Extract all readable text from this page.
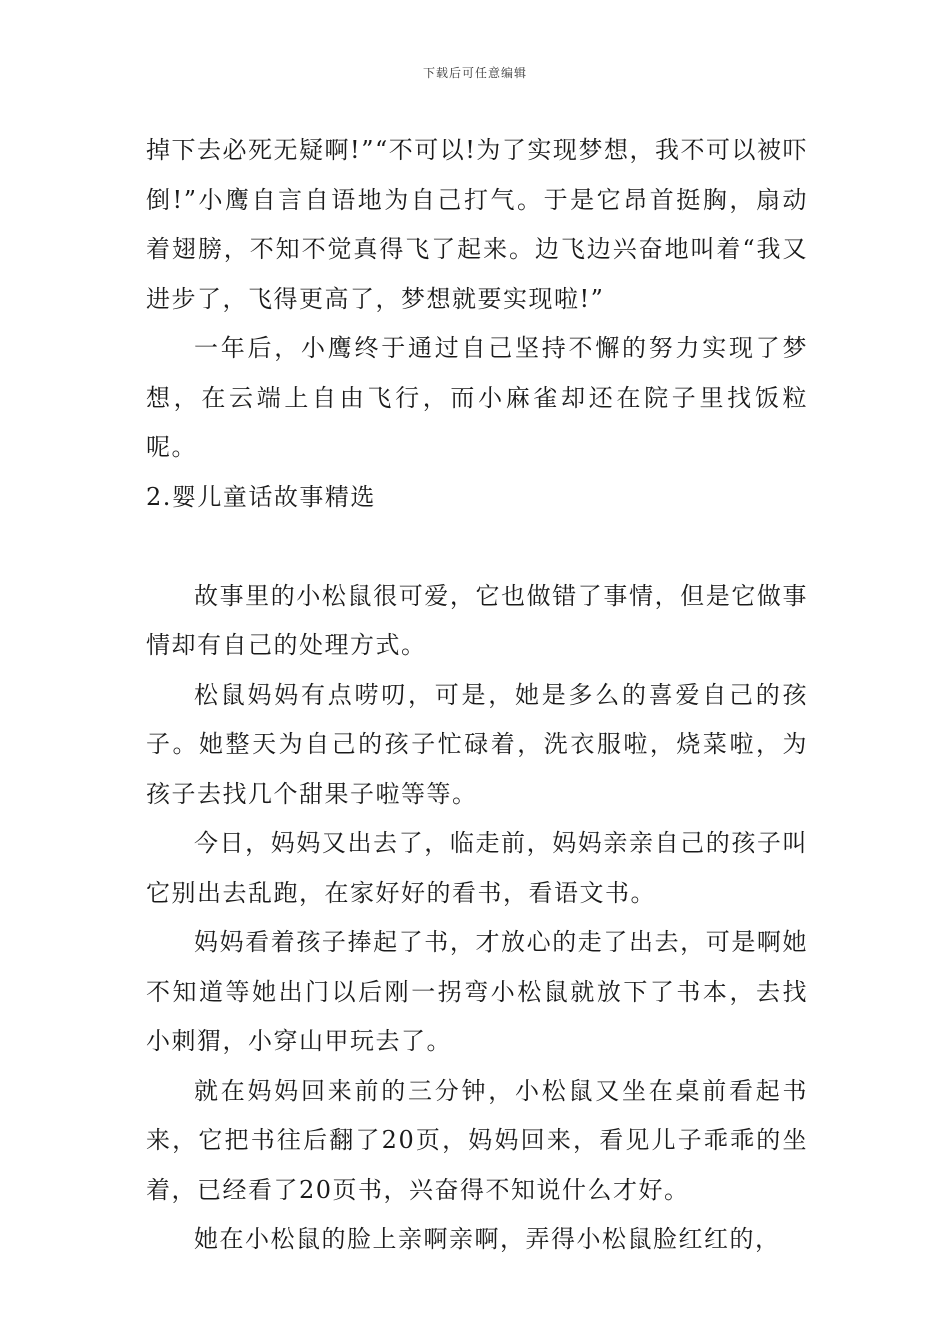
下载后可任意编辑

掉下去必死无疑啊!”“不可以!为了实现梦想，我不可以被吓倒!”小鹰自言自语地为自己打气。于是它昂首挺胸，扇动着翅膀，不知不觉真得飞了起来。边飞边兴奋地叫着“我又进步了，飞得更高了，梦想就要实现啦!”

一年后，小鹰终于通过自己坚持不懈的努力实现了梦想，在云端上自由飞行，而小麻雀却还在院子里找饭粒呢。

2.婴儿童话故事精选

故事里的小松鼠很可爱，它也做错了事情，但是它做事情却有自己的处理方式。

松鼠妈妈有点唠叨，可是，她是多么的喜爱自己的孩子。她整天为自己的孩子忙碌着，洗衣服啦，烧菜啦，为孩子去找几个甜果子啦等等。

今日，妈妈又出去了，临走前，妈妈亲亲自己的孩子叫它别出去乱跑，在家好好的看书，看语文书。

妈妈看着孩子捧起了书，才放心的走了出去，可是啊她不知道等她出门以后刚一拐弯小松鼠就放下了书本，去找小刺猬，小穿山甲玩去了。

就在妈妈回来前的三分钟，小松鼠又坐在桌前看起书来，它把书往后翻了20页，妈妈回来，看见儿子乖乖的坐着，已经看了20页书，兴奋得不知说什么才好。

她在小松鼠的脸上亲啊亲啊，弄得小松鼠脸红红的，
